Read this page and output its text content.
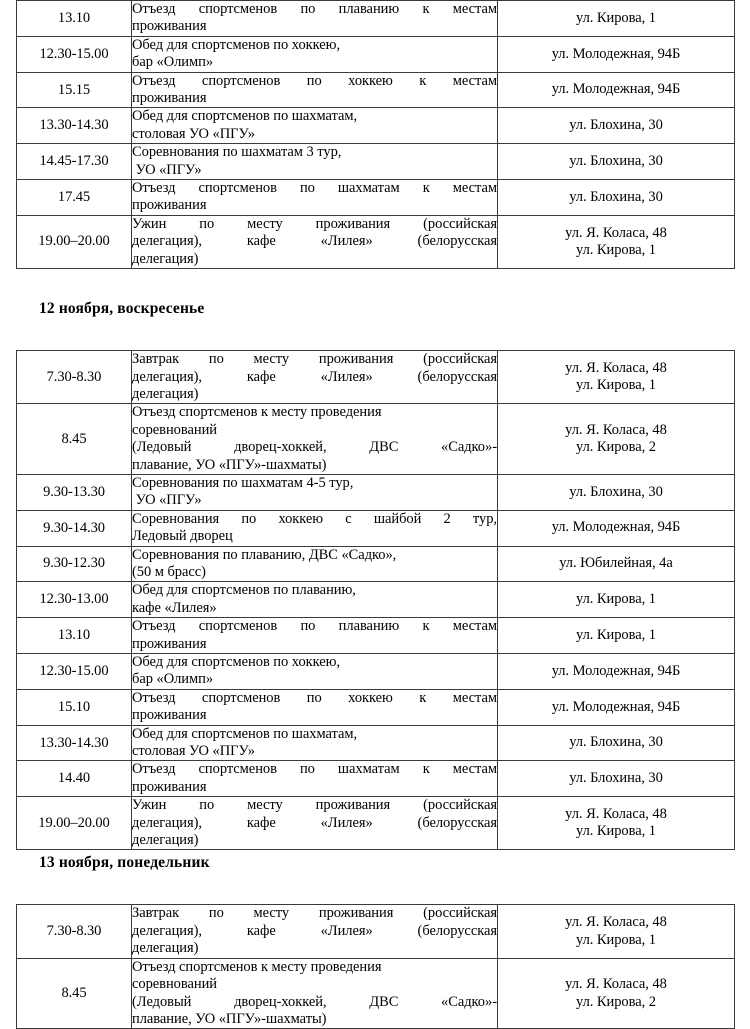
13.10	Отъезд спортсменов по плаванию к местам
проживания	ул. Кирова, 1

12.30-15.00	Обед для спортсменов по хоккею,
бар «Олимп»	ул. Молодежная, 94Б

15.15	Отъезд спортсменов по хоккею к местам
проживания	ул. Молодежная, 94Б

13.30-14.30	Обед для спортсменов по шахматам,
столовая УО «ПГУ»	ул. Блохина, 30

14.45-17.30	Соревнования по шахматам 3 тур,
УО «ПГУ»	ул. Блохина, 30

17.45	Отъезд спортсменов по шахматам к местам
проживания	ул. Блохина, 30

19.00–20.00	Ужин по месту проживания (российская
делегация), кафе «Лилея» (белорусская
делегация)	ул. Я. Коласа, 48
ул. Кирова, 1
12 ноября, воскресенье
7.30-8.30	Завтрак по месту проживания (российская
делегация), кафе «Лилея» (белорусская
делегация)	ул. Я. Коласа, 48
ул. Кирова, 1

8.45	Отъезд спортсменов к месту проведения
соревнований
(Ледовый дворец-хоккей, ДВС «Садко»-
плавание, УО «ПГУ»-шахматы)	ул. Я. Коласа, 48
ул. Кирова, 2

9.30-13.30	Соревнования по шахматам 4-5 тур,
УО «ПГУ»	ул. Блохина, 30

9.30-14.30	Соревнования по хоккею с шайбой 2 тур,
Ледовый дворец	ул. Молодежная, 94Б

9.30-12.30	Соревнования по плаванию, ДВС «Садко»,
(50 м брасс)	ул. Юбилейная, 4а

12.30-13.00	Обед для спортсменов по плаванию,
кафе «Лилея»	ул. Кирова, 1

13.10	Отъезд спортсменов по плаванию к местам
проживания	ул. Кирова, 1

12.30-15.00	Обед для спортсменов по хоккею,
бар «Олимп»	ул. Молодежная, 94Б

15.10	Отъезд спортсменов по хоккею к местам
проживания	ул. Молодежная, 94Б

13.30-14.30	Обед для спортсменов по шахматам,
столовая УО «ПГУ»	ул. Блохина, 30

14.40	Отъезд спортсменов по шахматам к местам
проживания	ул. Блохина, 30

19.00–20.00	Ужин по месту проживания (российская
делегация), кафе «Лилея» (белорусская
делегация)	ул. Я. Коласа, 48
ул. Кирова, 1
13 ноября, понедельник
7.30-8.30	Завтрак по месту проживания (российская
делегация), кафе «Лилея» (белорусская
делегация)	ул. Я. Коласа, 48
ул. Кирова, 1

8.45	Отъезд спортсменов к месту проведения
соревнований
(Ледовый дворец-хоккей, ДВС «Садко»-
плавание, УО «ПГУ»-шахматы)	ул. Я. Коласа, 48
ул. Кирова, 2
